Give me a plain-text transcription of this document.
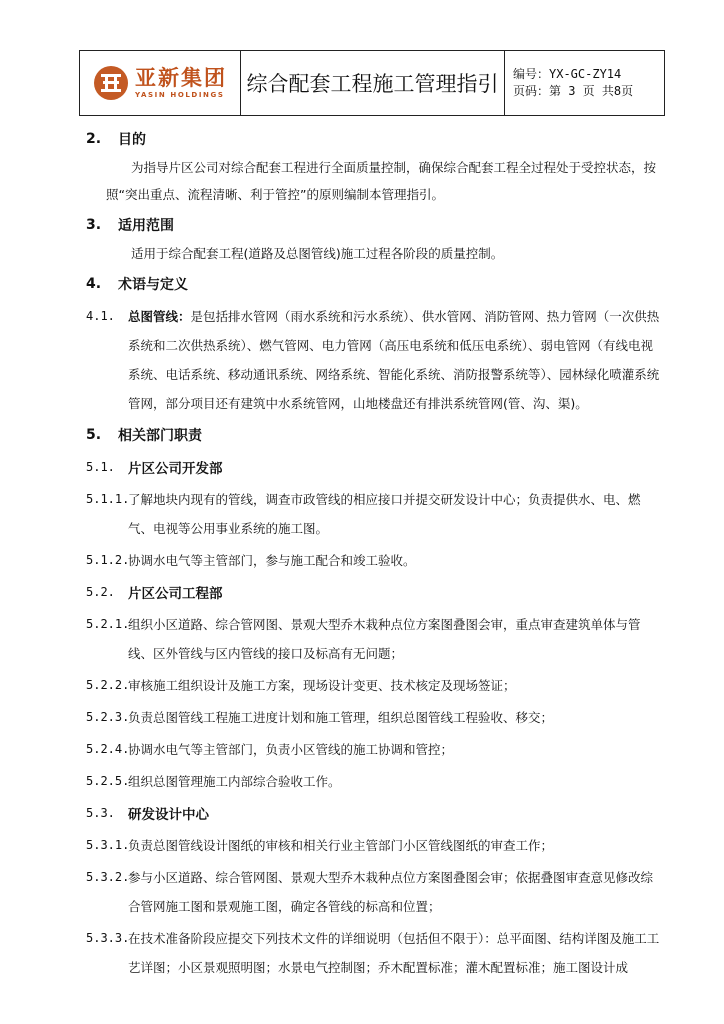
亚新集团
YASIN HOLDINGS 综合配套工程施工管理指引 编号：YX-GC-ZY14
页码：第 3 页 共8页
2.	目的
为指导片区公司对综合配套工程进行全面质量控制，确保综合配套工程全过程处于受控状态，按照“突出重点、流程清晰、利于管控”的原则编制本管理指引。
3.	适用范围
适用于综合配套工程(道路及总图管线)施工过程各阶段的质量控制。
4.	术语与定义
4.1.	总图管线：是包括排水管网（雨水系统和污水系统）、供水管网、消防管网、热力管网（一次供热系统和二次供热系统）、燃气管网、电力管网（高压电系统和低压电系统）、弱电管网（有线电视系统、电话系统、移动通讯系统、网络系统、智能化系统、消防报警系统等）、园林绿化喷灌系统管网，部分项目还有建筑中水系统管网，山地楼盘还有排洪系统管网(管、沟、渠)。
5.	相关部门职责
5.1. 片区公司开发部
5.1.1.
了解地块内现有的管线，调查市政管线的相应接口并提交研发设计中心；负责提供水、电、燃气、电视等公用事业系统的施工图。
5.1.2.
协调水电气等主管部门，参与施工配合和竣工验收。
5.2. 片区公司工程部
5.2.1.
组织小区道路、综合管网图、景观大型乔木栽种点位方案图叠图会审，重点审查建筑单体与管线、区外管线与区内管线的接口及标高有无问题；
5.2.2.
审核施工组织设计及施工方案，现场设计变更、技术核定及现场签证；
5.2.3.
负责总图管线工程施工进度计划和施工管理，组织总图管线工程验收、移交；
5.2.4.
协调水电气等主管部门，负责小区管线的施工协调和管控；
5.2.5.
组织总图管理施工内部综合验收工作。
5.3. 研发设计中心
5.3.1.
负责总图管线设计图纸的审核和相关行业主管部门小区管线图纸的审查工作；
5.3.2.
参与小区道路、综合管网图、景观大型乔木栽种点位方案图叠图会审；依据叠图审查意见修改综合管网施工图和景观施工图，确定各管线的标高和位置；
5.3.3.
在技术准备阶段应提交下列技术文件的详细说明（包括但不限于）：总平面图、结构详图及施工工艺详图；小区景观照明图；水景电气控制图；乔木配置标准；灌木配置标准；施工图设计成
